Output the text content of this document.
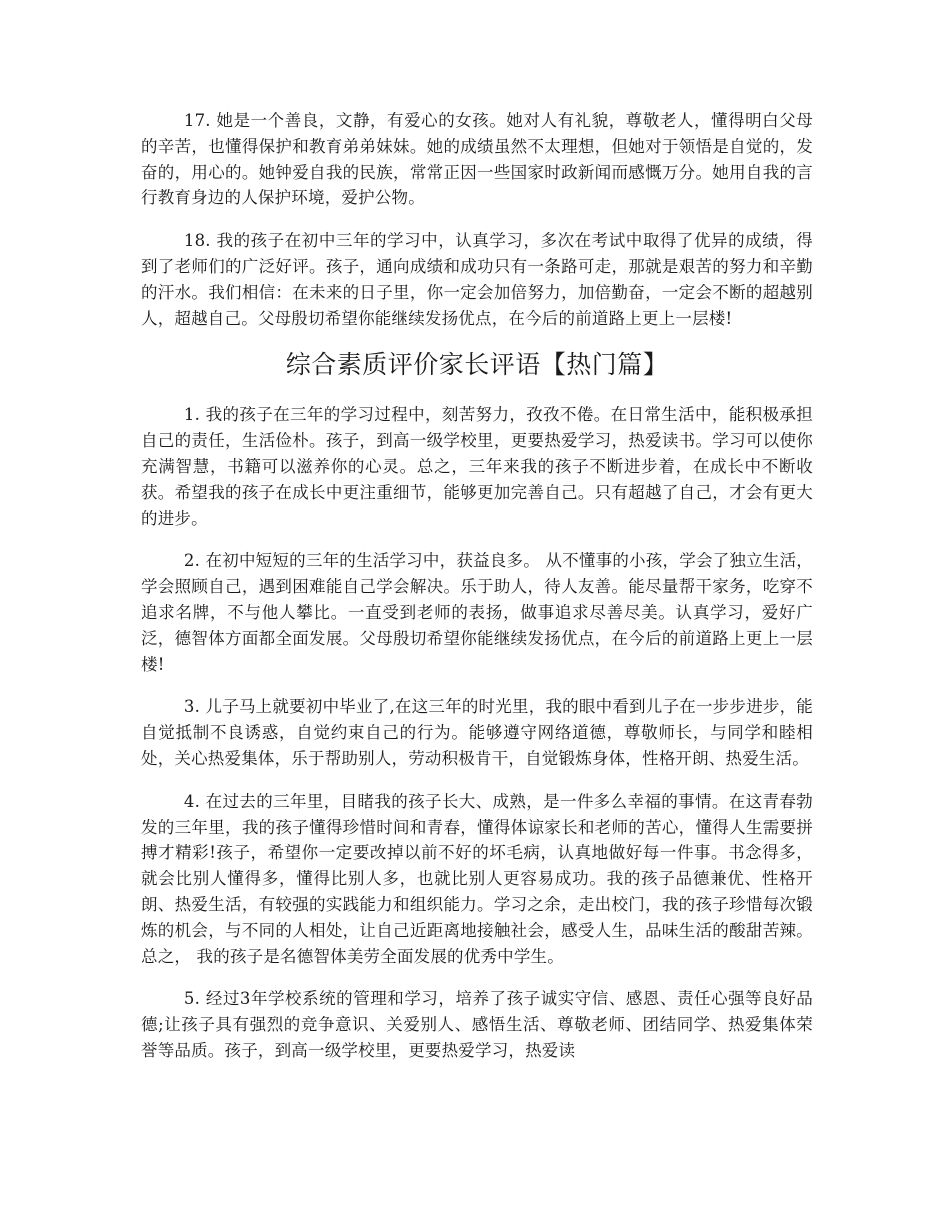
17. 她是一个善良，文静，有爱心的女孩。她对人有礼貌，尊敬老人，懂得明白父母的辛苦，也懂得保护和教育弟弟妹妹。她的成绩虽然不太理想，但她对于领悟是自觉的，发奋的，用心的。她钟爱自我的民族，常常正因一些国家时政新闻而感慨万分。她用自我的言行教育身边的人保护环境，爱护公物。

18. 我的孩子在初中三年的学习中，认真学习，多次在考试中取得了优异的成绩，得到了老师们的广泛好评。孩子，通向成绩和成功只有一条路可走，那就是艰苦的努力和辛勤的汗水。我们相信：在未来的日子里，你一定会加倍努力，加倍勤奋，一定会不断的超越别人，超越自己。父母殷切希望你能继续发扬优点，在今后的前道路上更上一层楼!

综合素质评价家长评语【热门篇】

1. 我的孩子在三年的学习过程中，刻苦努力，孜孜不倦。在日常生活中，能积极承担自己的责任，生活俭朴。孩子，到高一级学校里，更要热爱学习，热爱读书。学习可以使你充满智慧，书籍可以滋养你的心灵。总之，三年来我的孩子不断进步着，在成长中不断收获。希望我的孩子在成长中更注重细节，能够更加完善自己。只有超越了自己，才会有更大的进步。

2. 在初中短短的三年的生活学习中，获益良多。 从不懂事的小孩，学会了独立生活，学会照顾自己，遇到困难能自己学会解决。乐于助人，待人友善。能尽量帮干家务，吃穿不追求名牌，不与他人攀比。一直受到老师的表扬，做事追求尽善尽美。认真学习，爱好广泛，德智体方面都全面发展。父母殷切希望你能继续发扬优点，在今后的前道路上更上一层楼!

3. 儿子马上就要初中毕业了,在这三年的时光里，我的眼中看到儿子在一步步进步，能自觉抵制不良诱惑，自觉约束自己的行为。能够遵守网络道德，尊敬师长，与同学和睦相处，关心热爱集体，乐于帮助别人，劳动积极肯干，自觉锻炼身体，性格开朗、热爱生活。

4. 在过去的三年里，目睹我的孩子长大、成熟，是一件多么幸福的事情。在这青春勃发的三年里，我的孩子懂得珍惜时间和青春，懂得体谅家长和老师的苦心，懂得人生需要拼搏才精彩!孩子，希望你一定要改掉以前不好的坏毛病，认真地做好每一件事。书念得多，就会比别人懂得多，懂得比别人多，也就比别人更容易成功。我的孩子品德兼优、性格开朗、热爱生活，有较强的实践能力和组织能力。学习之余，走出校门，我的孩子珍惜每次锻炼的机会，与不同的人相处，让自己近距离地接触社会，感受人生，品味生活的酸甜苦辣。总之， 我的孩子是名德智体美劳全面发展的优秀中学生。

5. 经过3年学校系统的管理和学习，培养了孩子诚实守信、感恩、责任心强等良好品德;让孩子具有强烈的竞争意识、关爱别人、感悟生活、尊敬老师、团结同学、热爱集体荣誉等品质。孩子，到高一级学校里，更要热爱学习，热爱读
